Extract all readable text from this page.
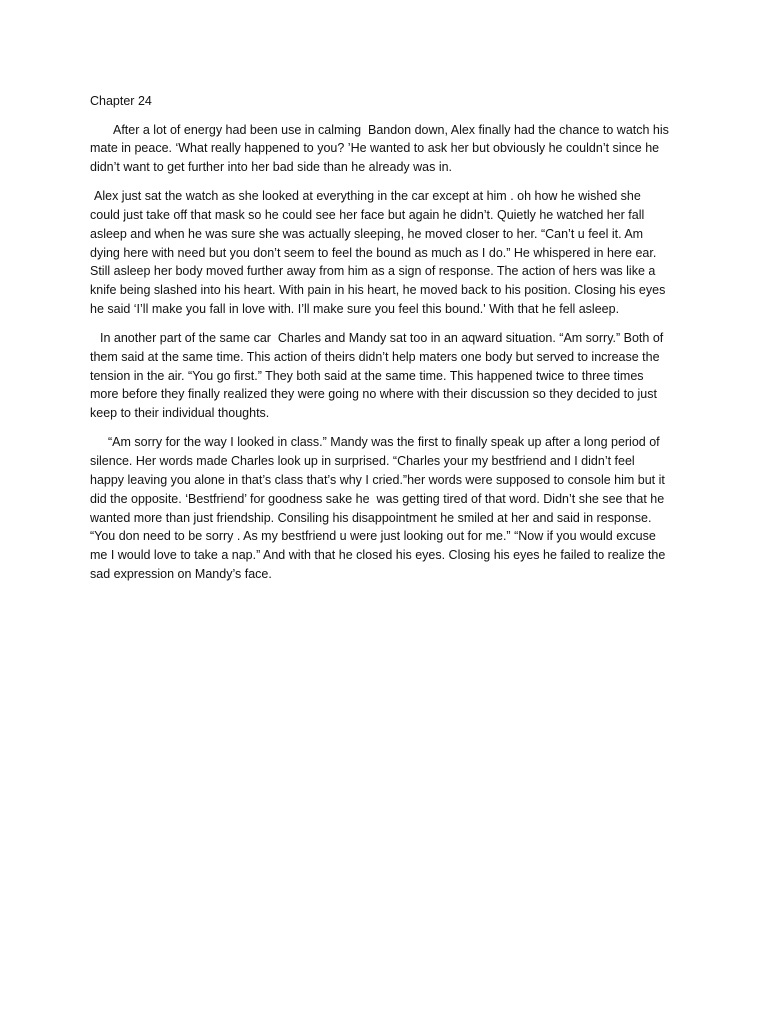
Chapter 24
After a lot of energy had been use in calming  Bandon down, Alex finally had the chance to watch his
mate in peace. ‘What really happened to you? ’He wanted to ask her but obviously he couldn’t since he
didn’t want to get further into her bad side than he already was in.
Alex just sat the watch as she looked at everything in the car except at him . oh how he wished she
could just take off that mask so he could see her face but again he didn’t. Quietly he watched her fall
asleep and when he was sure she was actually sleeping, he moved closer to her. “Can’t u feel it. Am
dying here with need but you don’t seem to feel the bound as much as I do.” He whispered in here ear.
Still asleep her body moved further away from him as a sign of response. The action of hers was like a
knife being slashed into his heart. With pain in his heart, he moved back to his position. Closing his eyes
he said ‘I’ll make you fall in love with. I’ll make sure you feel this bound.' With that he fell asleep.
In another part of the same car  Charles and Mandy sat too in an aqward situation. “Am sorry.” Both of
them said at the same time. This action of theirs didn’t help maters one body but served to increase the
tension in the air. “You go first.” They both said at the same time. This happened twice to three times
more before they finally realized they were going no where with their discussion so they decided to just
keep to their individual thoughts.
“Am sorry for the way I looked in class.” Mandy was the first to finally speak up after a long period of
silence. Her words made Charles look up in surprised. “Charles your my bestfriend and I didn’t feel
happy leaving you alone in that’s class that’s why I cried.”her words were supposed to console him but it
did the opposite. ‘Bestfriend’ for goodness sake he  was getting tired of that word. Didn’t she see that he
wanted more than just friendship. Consiling his disappointment he smiled at her and said in response.
“You don need to be sorry . As my bestfriend u were just looking out for me.” “Now if you would excuse
me I would love to take a nap.” And with that he closed his eyes. Closing his eyes he failed to realize the
sad expression on Mandy’s face.
